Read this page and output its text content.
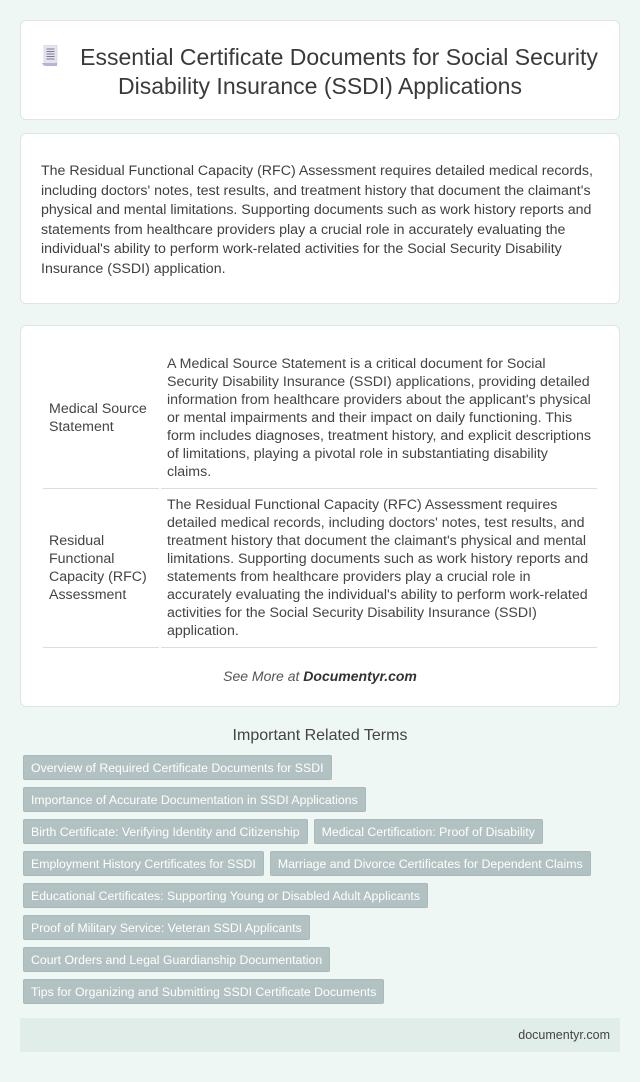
Essential Certificate Documents for Social Security Disability Insurance (SSDI) Applications

The Residual Functional Capacity (RFC) Assessment requires detailed medical records, including doctors' notes, test results, and treatment history that document the claimant's physical and mental limitations. Supporting documents such as work history reports and statements from healthcare providers play a crucial role in accurately evaluating the individual's ability to perform work-related activities for the Social Security Disability Insurance (SSDI) application.

Medical Source Statement	A Medical Source Statement is a critical document for Social Security Disability Insurance (SSDI) applications, providing detailed information from healthcare providers about the applicant's physical or mental impairments and their impact on daily functioning. This form includes diagnoses, treatment history, and explicit descriptions of limitations, playing a pivotal role in substantiating disability claims.
Residual Functional Capacity (RFC) Assessment	The Residual Functional Capacity (RFC) Assessment requires detailed medical records, including doctors' notes, test results, and treatment history that document the claimant's physical and mental limitations. Supporting documents such as work history reports and statements from healthcare providers play a crucial role in accurately evaluating the individual's ability to perform work-related activities for the Social Security Disability Insurance (SSDI) application.
See More at Documentyr.com
Important Related Terms
Overview of Required Certificate Documents for SSDI
Importance of Accurate Documentation in SSDI Applications
Birth Certificate: Verifying Identity and Citizenship	Medical Certification: Proof of Disability
Employment History Certificates for SSDI	Marriage and Divorce Certificates for Dependent Claims
Educational Certificates: Supporting Young or Disabled Adult Applicants
Proof of Military Service: Veteran SSDI Applicants
Court Orders and Legal Guardianship Documentation
Tips for Organizing and Submitting SSDI Certificate Documents
documentyr.com
